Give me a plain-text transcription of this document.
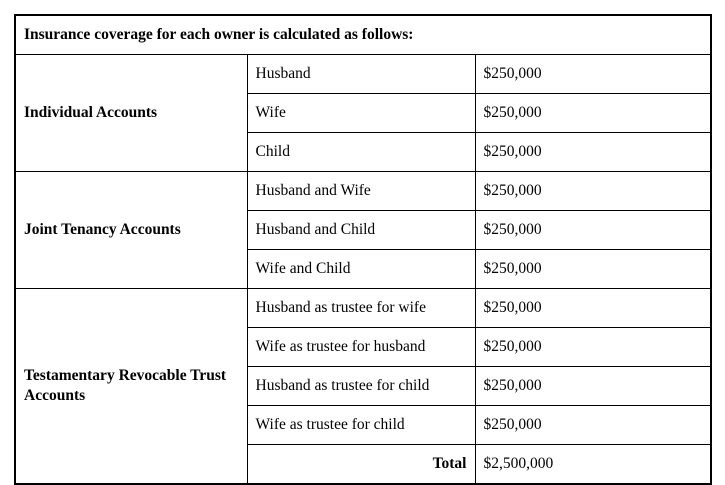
Insurance coverage for each owner is calculated as follows:		
Individual Accounts	Husband	$250,000
	Wife	$250,000
	Child	$250,000
Joint Tenancy Accounts	Husband and Wife	$250,000
	Husband and Child	$250,000
	Wife and Child	$250,000
Testamentary Revocable Trust Accounts	Husband as trustee for wife	$250,000
	Wife as trustee for husband	$250,000
	Husband as trustee for child	$250,000
	Wife as trustee for child	$250,000
	Total	$2,500,000
